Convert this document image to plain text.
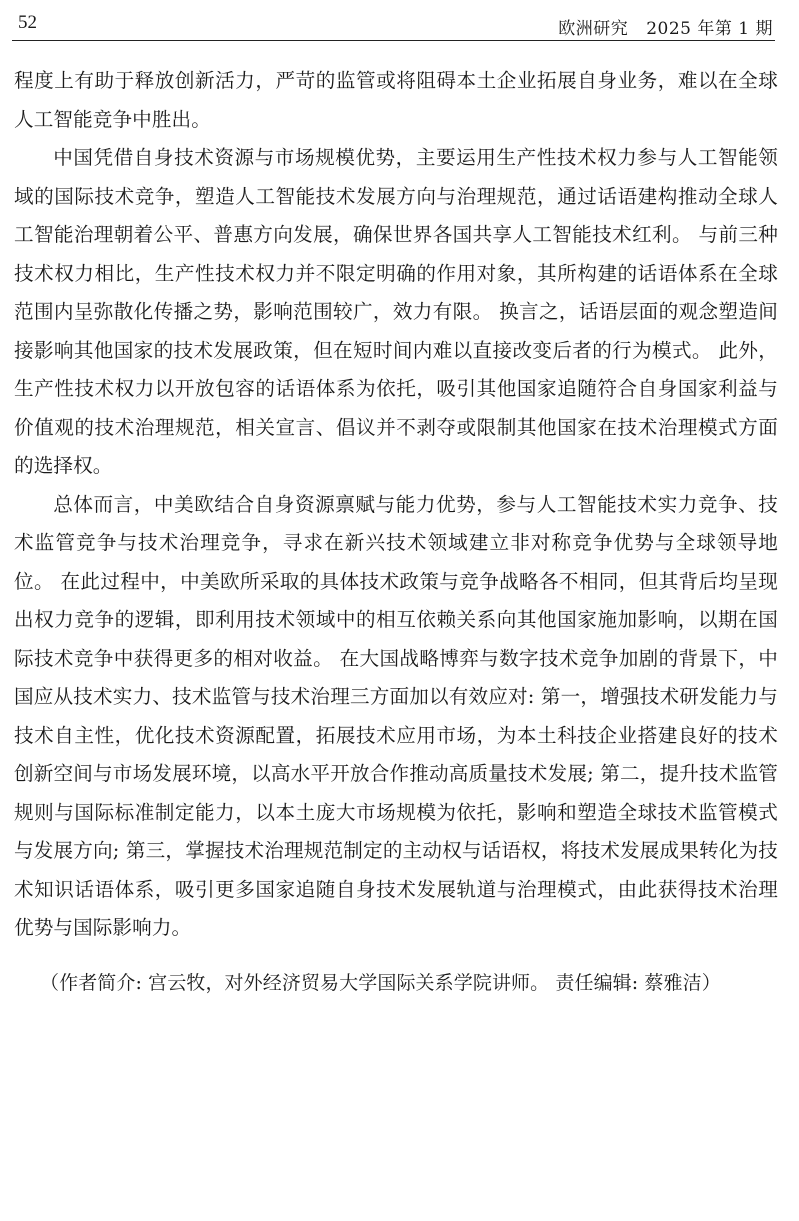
52	欧洲研究 2025 年第 1 期

程度上有助于释放创新活力，严苛的监管或将阻碍本土企业拓展自身业务，难以在全球人工智能竞争中胜出。

中国凭借自身技术资源与市场规模优势，主要运用生产性技术权力参与人工智能领域的国际技术竞争，塑造人工智能技术发展方向与治理规范，通过话语建构推动全球人工智能治理朝着公平、普惠方向发展，确保世界各国共享人工智能技术红利。 与前三种技术权力相比，生产性技术权力并不限定明确的作用对象，其所构建的话语体系在全球范围内呈弥散化传播之势，影响范围较广，效力有限。 换言之，话语层面的观念塑造间接影响其他国家的技术发展政策，但在短时间内难以直接改变后者的行为模式。 此外，生产性技术权力以开放包容的话语体系为依托，吸引其他国家追随符合自身国家利益与价值观的技术治理规范，相关宣言、倡议并不剥夺或限制其他国家在技术治理模式方面的选择权。

总体而言，中美欧结合自身资源禀赋与能力优势，参与人工智能技术实力竞争、技术监管竞争与技术治理竞争，寻求在新兴技术领域建立非对称竞争优势与全球领导地位。 在此过程中，中美欧所采取的具体技术政策与竞争战略各不相同，但其背后均呈现出权力竞争的逻辑，即利用技术领域中的相互依赖关系向其他国家施加影响，以期在国际技术竞争中获得更多的相对收益。 在大国战略博弈与数字技术竞争加剧的背景下，中国应从技术实力、技术监管与技术治理三方面加以有效应对: 第一，增强技术研发能力与技术自主性，优化技术资源配置，拓展技术应用市场，为本土科技企业搭建良好的技术创新空间与市场发展环境，以高水平开放合作推动高质量技术发展; 第二，提升技术监管规则与国际标准制定能力，以本土庞大市场规模为依托，影响和塑造全球技术监管模式与发展方向; 第三，掌握技术治理规范制定的主动权与话语权，将技术发展成果转化为技术知识话语体系，吸引更多国家追随自身技术发展轨道与治理模式，由此获得技术治理优势与国际影响力。

（作者简介: 宫云牧，对外经济贸易大学国际关系学院讲师。 责任编辑: 蔡雅洁）
